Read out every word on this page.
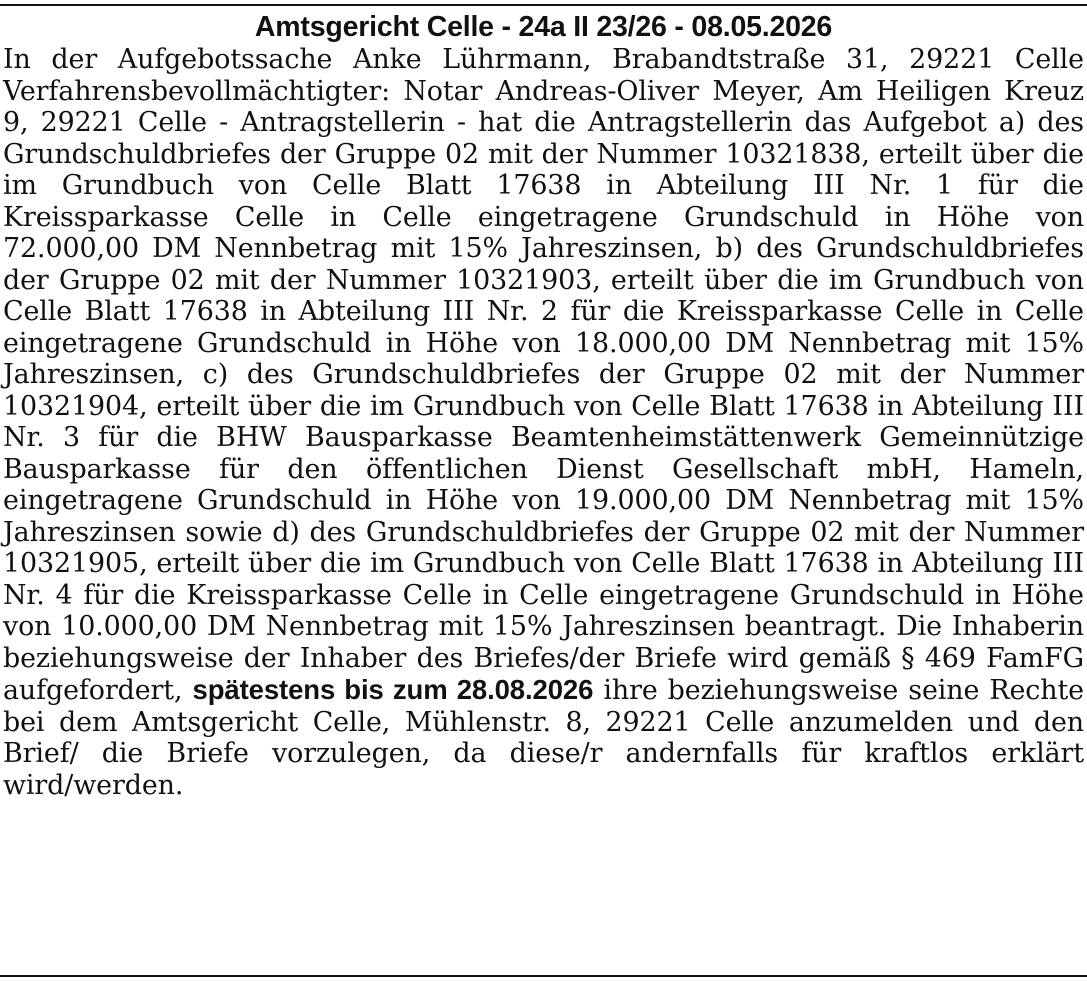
Amtsgericht Celle - 24a II 23/26 - 08.05.2026

In der Aufgebotssache Anke Lührmann, Brabandtstraße 31, 29221 Celle Verfahrensbevollmächtigter: Notar Andreas-Oliver Meyer, Am Heiligen Kreuz 9, 29221 Celle - Antragstellerin - hat die Antragstellerin das Aufgebot a) des Grundschuldbriefes der Gruppe 02 mit der Nummer 10321838, erteilt über die im Grundbuch von Celle Blatt 17638 in Abteilung III Nr. 1 für die Kreissparkasse Celle in Celle eingetragene Grundschuld in Höhe von 72.000,00 DM Nennbetrag mit 15% Jahreszinsen, b) des Grundschuldbriefes der Gruppe 02 mit der Nummer 10321903, erteilt über die im Grundbuch von Celle Blatt 17638 in Abteilung III Nr. 2 für die Kreissparkasse Celle in Celle eingetragene Grundschuld in Höhe von 18.000,00 DM Nennbetrag mit 15% Jahreszinsen, c) des Grundschuldbriefes der Gruppe 02 mit der Nummer 10321904, erteilt über die im Grundbuch von Celle Blatt 17638 in Abteilung III Nr. 3 für die BHW Bausparkasse Beamtenheimstättenwerk Gemeinnützige Bausparkasse für den öffentlichen Dienst Gesellschaft mbH, Hameln, eingetragene Grundschuld in Höhe von 19.000,00 DM Nennbetrag mit 15% Jahreszinsen sowie d) des Grundschuldbriefes der Gruppe 02 mit der Nummer 10321905, erteilt über die im Grundbuch von Celle Blatt 17638 in Abteilung III Nr. 4 für die Kreissparkasse Celle in Celle eingetragene Grundschuld in Höhe von 10.000,00 DM Nennbetrag mit 15% Jahreszinsen beantragt. Die Inhaberin beziehungsweise der Inhaber des Briefes/der Briefe wird gemäß § 469 FamFG aufgefordert, spätestens bis zum 28.08.2026 ihre beziehungsweise seine Rechte bei dem Amtsgericht Celle, Mühlenstr. 8, 29221 Celle anzumelden und den Brief/ die Briefe vorzulegen, da diese/r andernfalls für kraftlos erklärt wird/werden.
